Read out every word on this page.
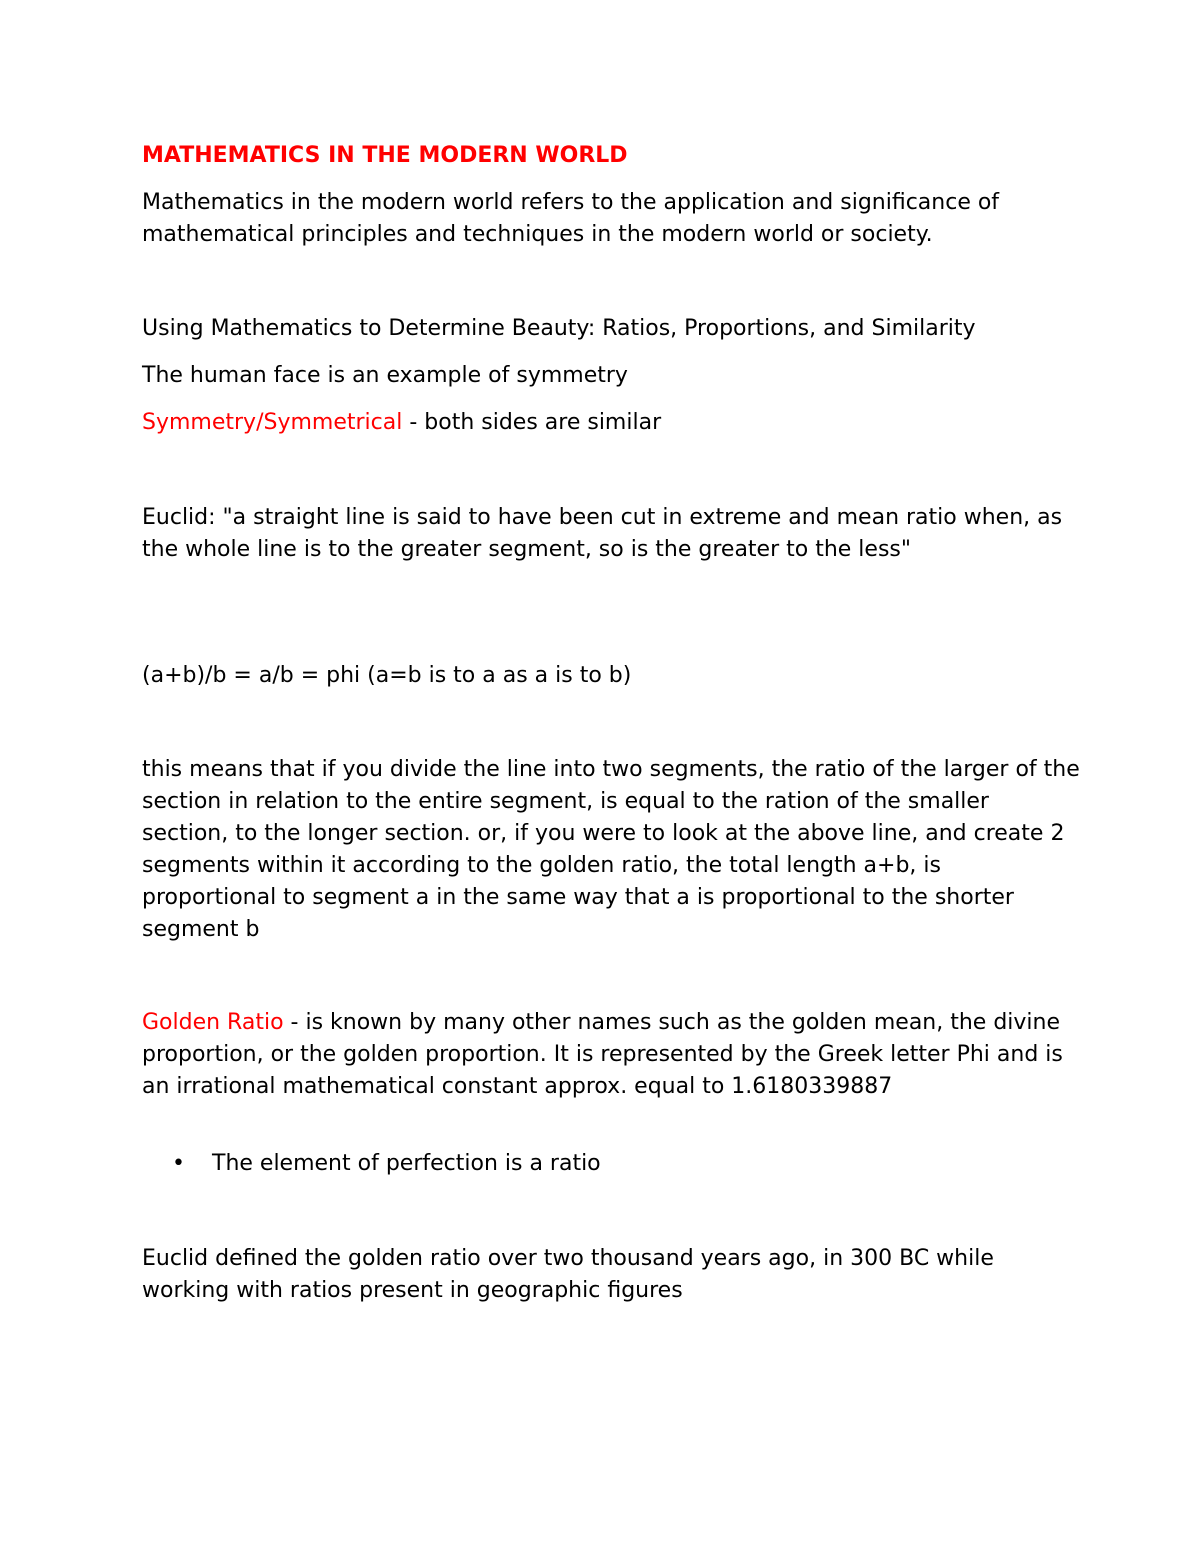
MATHEMATICS IN THE MODERN WORLD

Mathematics in the modern world refers to the application and significance of mathematical principles and techniques in the modern world or society.

Using Mathematics to Determine Beauty: Ratios, Proportions, and Similarity

The human face is an example of symmetry

Symmetry/Symmetrical - both sides are similar

Euclid: "a straight line is said to have been cut in extreme and mean ratio when, as the whole line is to the greater segment, so is the greater to the less"

(a+b)/b = a/b = phi (a=b is to a as a is to b)

this means that if you divide the line into two segments, the ratio of the larger of the section in relation to the entire segment, is equal to the ration of the smaller section, to the longer section. or, if you were to look at the above line, and create 2 segments within it according to the golden ratio, the total length a+b, is proportional to segment a in the same way that a is proportional to the shorter segment b

Golden Ratio - is known by many other names such as the golden mean, the divine proportion, or the golden proportion. It is represented by the Greek letter Phi and is an irrational mathematical constant approx. equal to 1.6180339887

•	The element of perfection is a ratio

Euclid defined the golden ratio over two thousand years ago, in 300 BC while working with ratios present in geographic figures
